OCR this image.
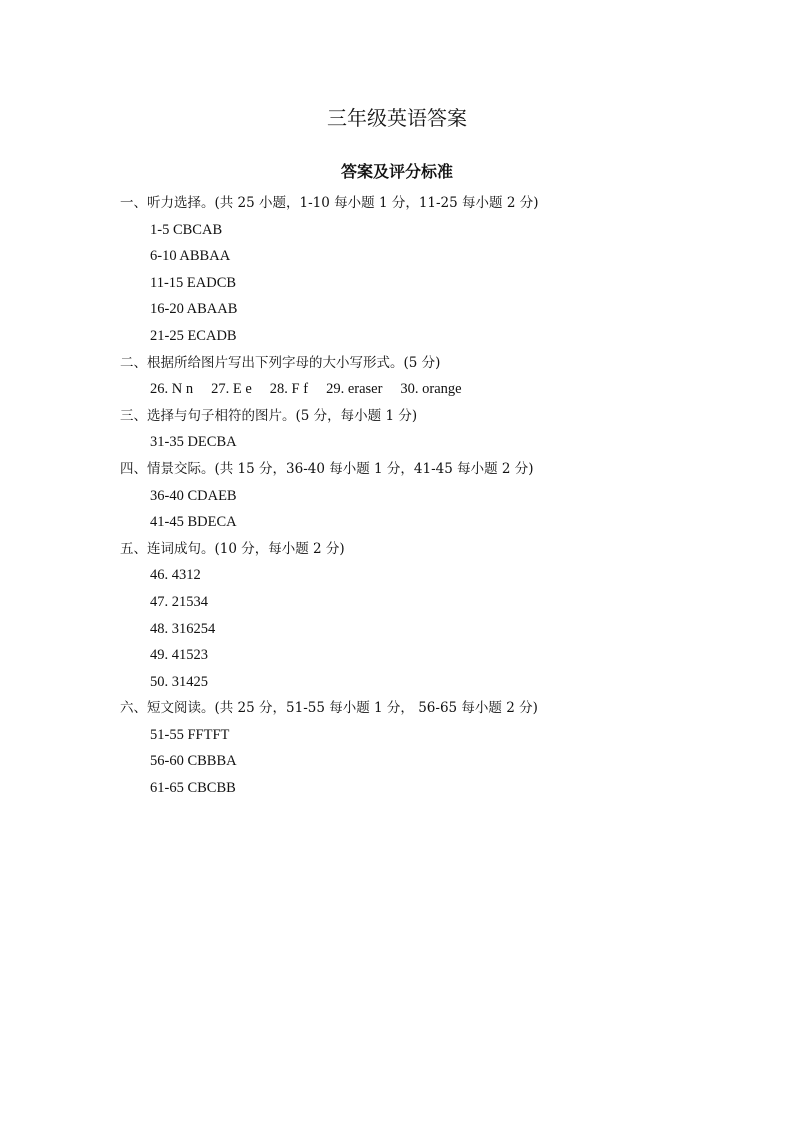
三年级英语答案
答案及评分标准
一、听力选择。(共 25 小题，1-10 每小题 1 分，11-25 每小题 2 分)
1-5 CBCAB
6-10 ABBAA
11-15 EADCB
16-20 ABAAB
21-25 ECADB
二、根据所给图片写出下列字母的大小写形式。(5 分)
26. N n 27. E e 28. F f 29. eraser 30. orange
三、选择与句子相符的图片。(5 分，每小题 1 分)
31-35 DECBA
四、情景交际。(共 15 分，36-40 每小题 1 分，41-45 每小题 2 分)
36-40 CDAEB
41-45 BDECA
五、连词成句。(10 分，每小题 2 分)
46. 4312
47. 21534
48. 316254
49. 41523
50. 31425
六、短文阅读。(共 25 分，51-55 每小题 1 分， 56-65 每小题 2 分)
51-55 FFTFT
56-60 CBBBA
61-65 CBCBB
